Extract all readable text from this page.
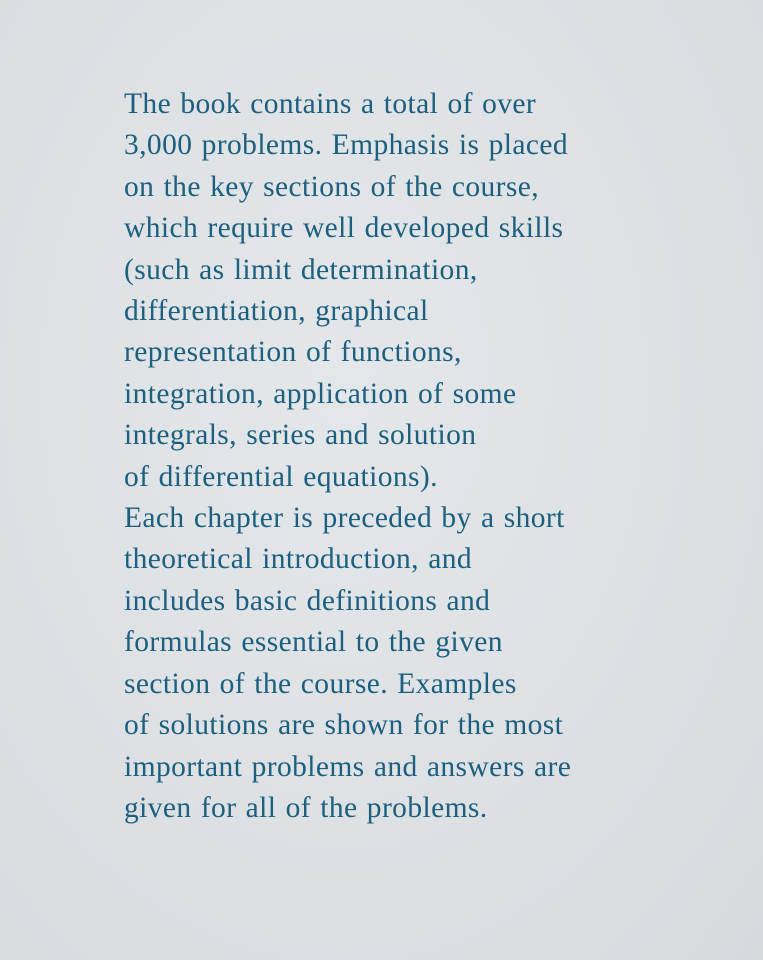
The book contains a total of over
3,000 problems. Emphasis is placed
on the key sections of the course,
which require well developed skills
(such as limit determination,
differentiation, graphical
representation of functions,
integration, application of some
integrals, series and solution
of differential equations).
Each chapter is preceded by a short
theoretical introduction, and
includes basic definitions and
formulas essential to the given
section of the course. Examples
of solutions are shown for the most
important problems and answers are
given for all of the problems.
